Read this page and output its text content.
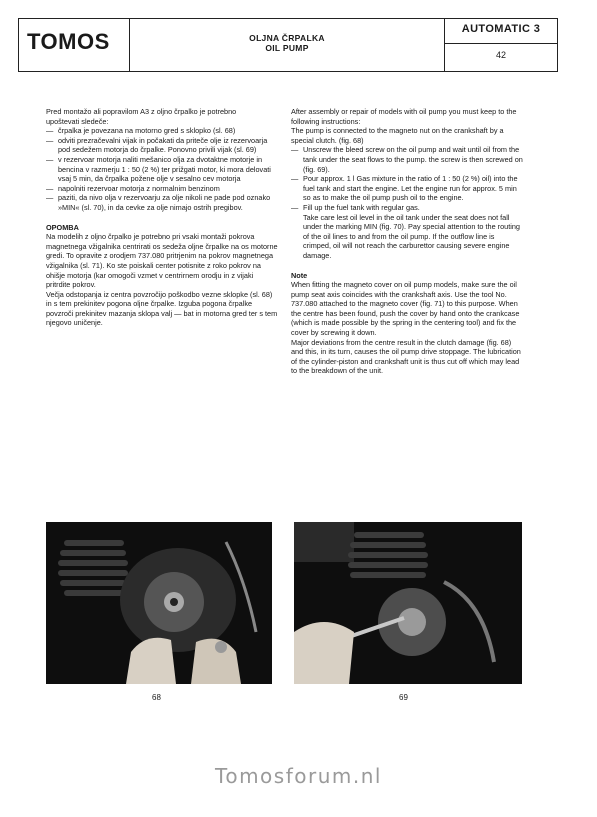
TOMOS	OLJNA ČRPALKA
OIL PUMP
AUTOMATIC 3
42

Pred montažo ali popravilom A3 z oljno črpalko je potrebno

upoštevati sledeče:

— črpalka je povezana na motorno gred s sklopko (sl. 68)
— odviti prezračevalni vijak in počakati da priteče olje iz rezervoarja pod sedežem motorja do črpalke. Ponovno privili vijak (sl. 69)
— v rezervoar motorja naliti mešanico olja za dvotaktne motorje in bencina v razmerju 1 : 50 (2 %) ter prižgati motor, ki mora delovati vsaj 5 min, da črpalka požene olje v sesalno cev motorja
— napolniti rezervoar motorja z normalnim benzinom
— paziti, da nivo olja v rezervoarju za olje nikoli ne pade pod oznako »MIN« (sl. 70), in da cevke za olje nimajo ostrih pregibov.

OPOMBA

Na modelih z oljno črpalko je potrebno pri vsaki montaži pokrova magnetnega vžigalnika centrirati os sedeža oljne črpalke na os motorne gredi. To opravite z orodjem 737.080 pritrjenim na pokrov magnetnega vžigalnika (sl. 71). Ko ste poiskali center potisnite z roko pokrov na ohišje motorja (kar omogoči vzmet v centrirnem orodju in z vijaki pritrdite pokrov.

Večja odstopanja iz centra povzročijo poškodbo vezne sklopke (sl. 68) in s tem prekinitev pogona oljne črpalke. Izguba pogona črpalke povzroči prekinitev mazanja sklopa valj — bat in motorna gred ter s tem njegovo uničenje.

After assembly or repair of models with oil pump you must keep to the following instructions:

The pump is connected to the magneto nut on the crankshaft by a special clutch. (fig. 68)

— Unscrew the bleed screw on the oil pump and wait until oil from the tank under the seat flows to the pump. the screw is then screwed on (fig. 69).
— Pour approx. 1 l Gas mixture in the ratio of 1 : 50 (2 %) oil) into the fuel tank and start the engine. Let the engine run for approx. 5 min so as to make the oil pump push oil to the engine.
— Fill up the fuel tank with regular gas.

Take care lest oil level in the oil tank under the seat does not fall under the marking MIN (fig. 70). Pay special attention to the routing of the oil lines to and from the oil pump. If the outflow line is crimped, oil will not reach the carburettor causing severe engine damage.

Note

When fitting the magneto cover on oil pump models, make sure the oil pump seat axis coincides with the crankshaft axis. Use the tool No. 737.080 attached to the magneto cover (fig. 71) to this purpose. When the centre has been found, push the cover by hand onto the crankcase (which is made possible by the spring in the centering tool) and fix the cover by screwing it down.

Major deviations from the centre result in the clutch damage (fig. 68) and this, in its turn, causes the oil pump drive stoppage. The lubrication of the cylinder-piston and crankshaft unit is thus cut off which may lead to the breakdown of the unit.

68	69
Tomosforum.nl
